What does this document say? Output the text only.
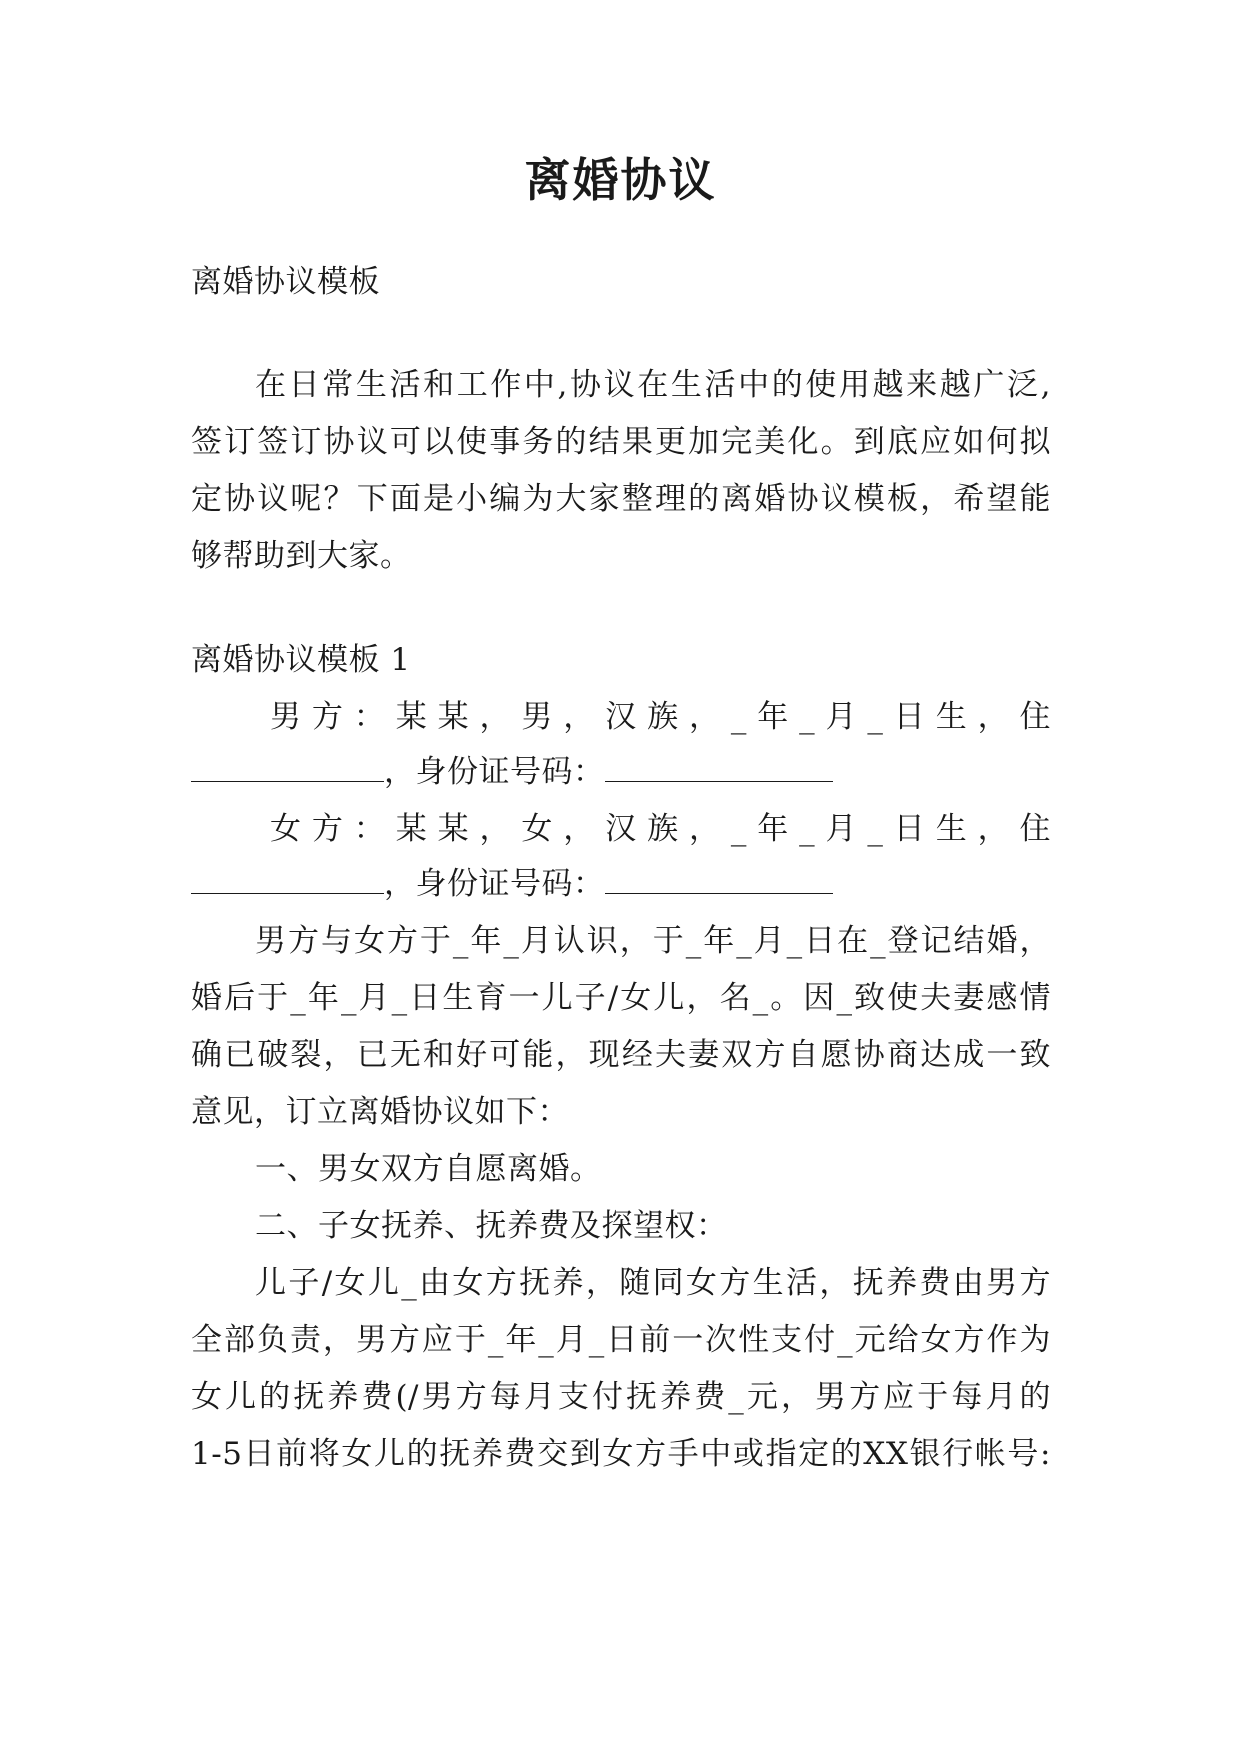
离婚协议
离婚协议模板
在日常生活和工作中,协议在生活中的使用越来越广泛,
签订签订协议可以使事务的结果更加完美化。到底应如何拟
定协议呢？下面是小编为大家整理的离婚协议模板，希望能
够帮助到大家。
离婚协议模板 1
男 方 ： 某 某 ， 男 ， 汉 族 ， _ 年 _ 月 _ 日 生 ， 住
，身份证号码：
女 方 ： 某 某 ， 女 ， 汉 族 ， _ 年 _ 月 _ 日 生 ， 住
，身份证号码：
男方与女方于_年_月认识，于_年_月_日在_登记结婚，
婚后于_年_月_日生育一儿子/女儿，名_。因_致使夫妻感情
确已破裂，已无和好可能，现经夫妻双方自愿协商达成一致
意见，订立离婚协议如下：
一、男女双方自愿离婚。
二、子女抚养、抚养费及探望权：
儿子/女儿_由女方抚养，随同女方生活，抚养费由男方
全部负责，男方应于_年_月_日前一次性支付_元给女方作为
女儿的抚养费(/男方每月支付抚养费_元，男方应于每月的
1-5日前将女儿的抚养费交到女方手中或指定的XX银行帐号:
